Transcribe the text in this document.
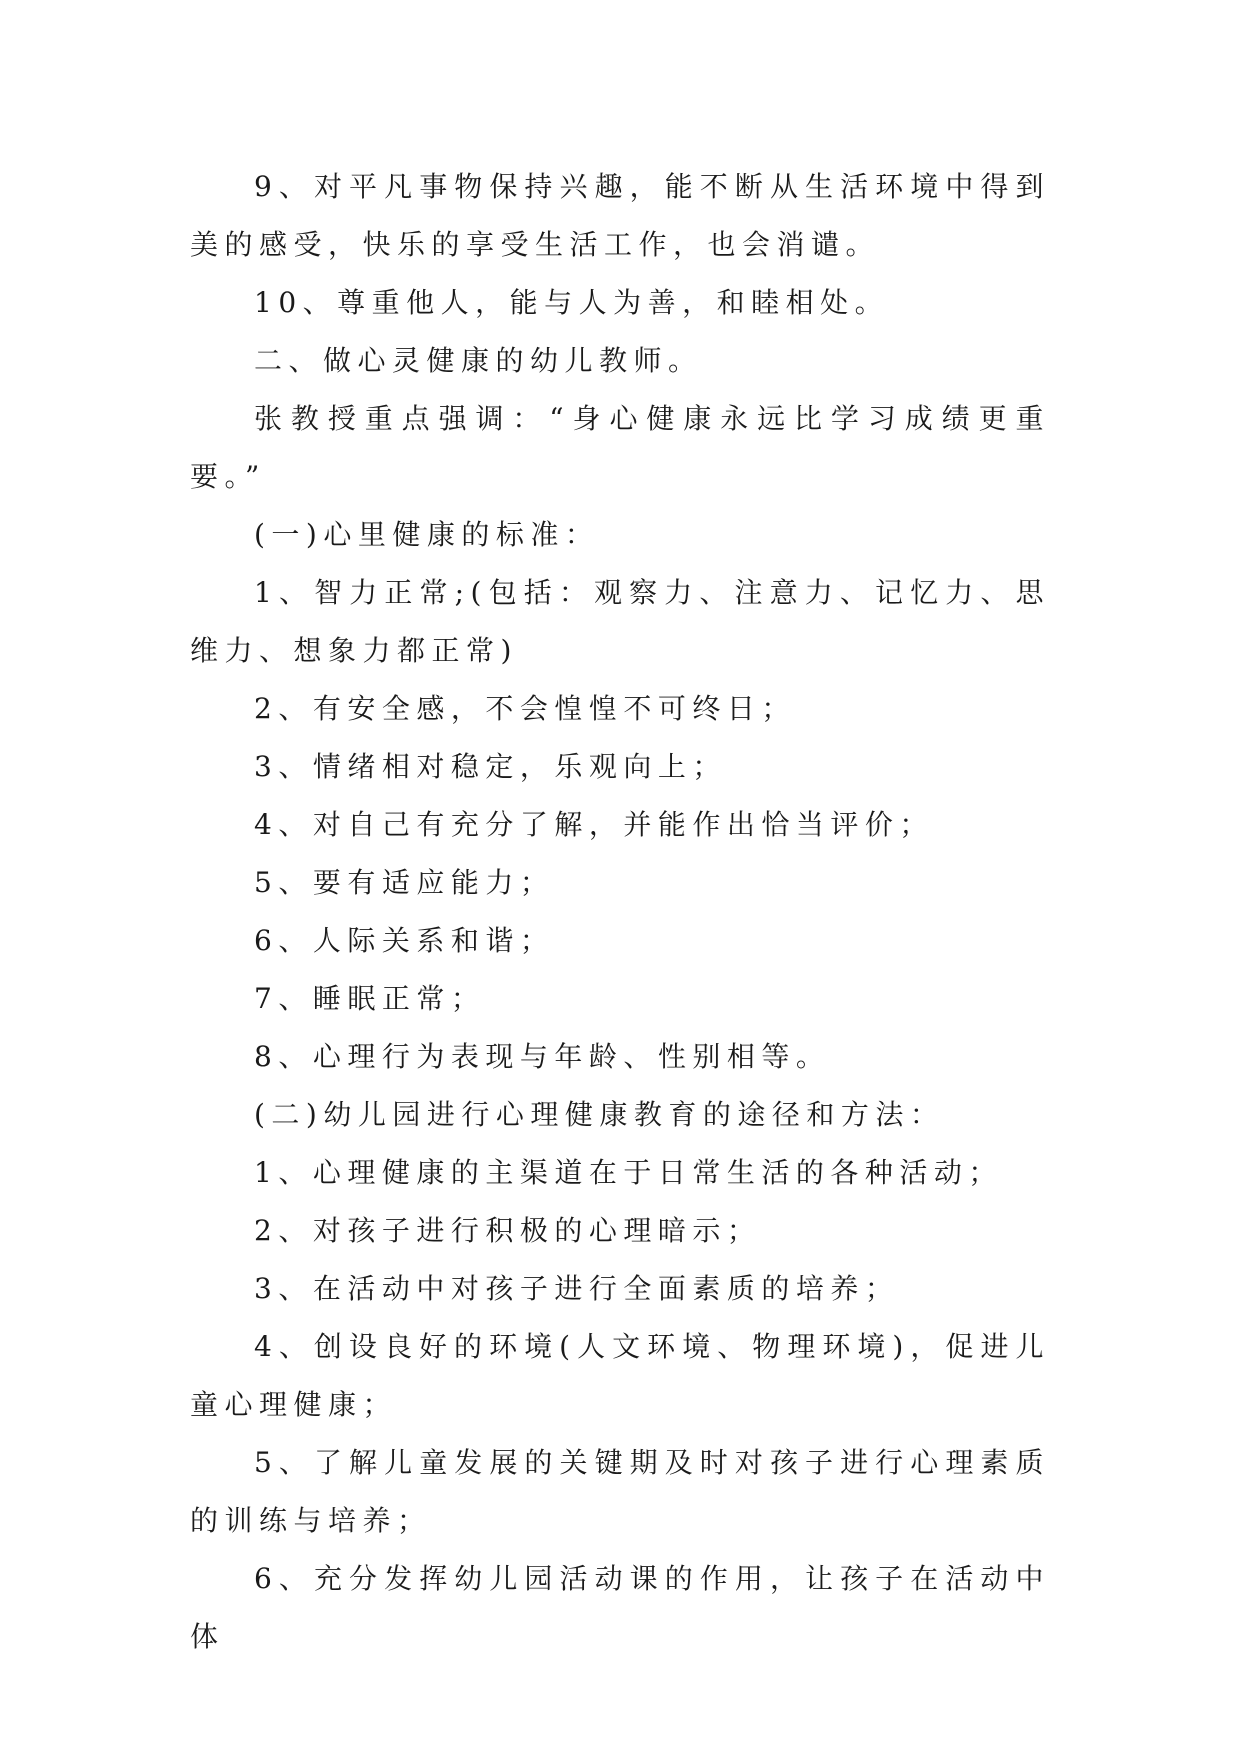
9、对平凡事物保持兴趣，能不断从生活环境中得到美的感受，快乐的享受生活工作，也会消谴。

10、尊重他人，能与人为善，和睦相处。

二、做心灵健康的幼儿教师。

张教授重点强调：“身心健康永远比学习成绩更重要。”

(一)心里健康的标准：

1、智力正常;(包括：观察力、注意力、记忆力、思维力、想象力都正常)

2、有安全感，不会惶惶不可终日；

3、情绪相对稳定，乐观向上；

4、对自己有充分了解，并能作出恰当评价；

5、要有适应能力；

6、人际关系和谐；

7、睡眠正常；

8、心理行为表现与年龄、性别相等。

(二)幼儿园进行心理健康教育的途径和方法：

1、心理健康的主渠道在于日常生活的各种活动；

2、对孩子进行积极的心理暗示；

3、在活动中对孩子进行全面素质的培养；

4、创设良好的环境(人文环境、物理环境)，促进儿童心理健康；

5、了解儿童发展的关键期及时对孩子进行心理素质的训练与培养；

6、充分发挥幼儿园活动课的作用，让孩子在活动中体
